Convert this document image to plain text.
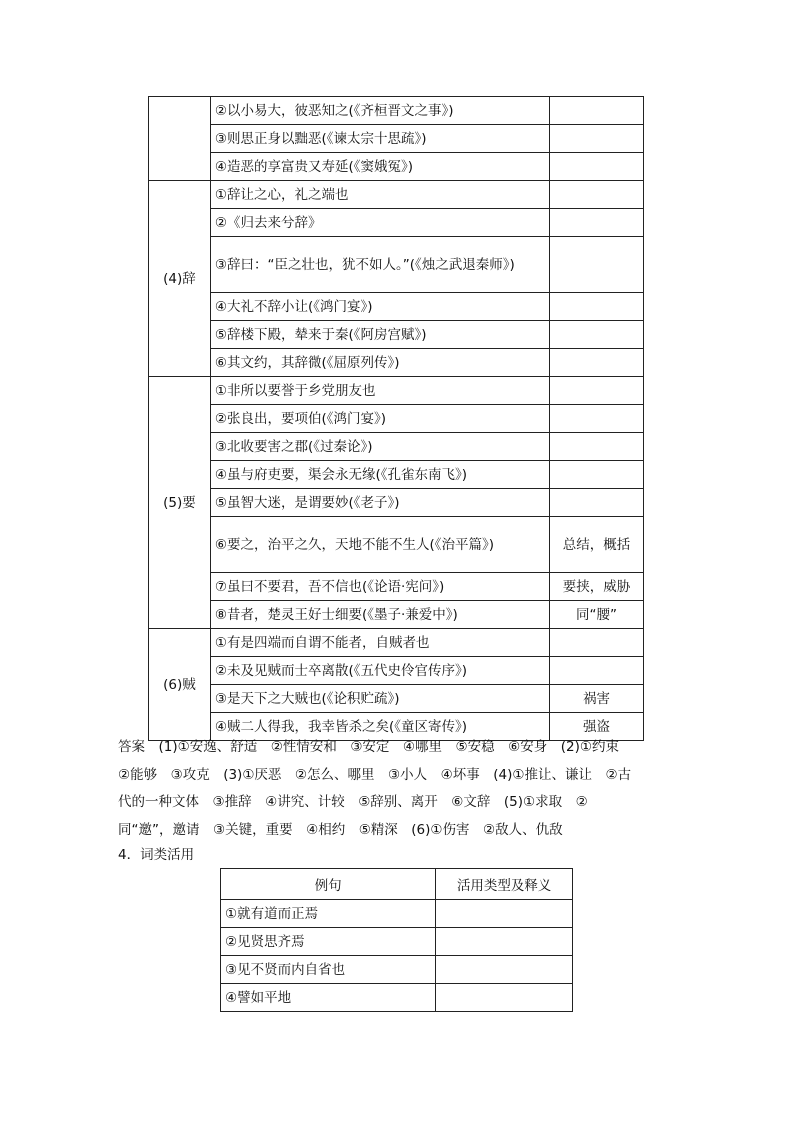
	②以小易大，彼恶知之(《齐桓晋文之事》)	
	③则思正身以黜恶(《谏太宗十思疏》)	
	④造恶的享富贵又寿延(《窦娥冤》)	
(4)辞	①辞让之心，礼之端也	
	②《归去来兮辞》	
	③辞曰：“臣之壮也，犹不如人。”(《烛之武退秦师》)	
	④大礼不辞小让(《鸿门宴》)	
	⑤辞楼下殿，辇来于秦(《阿房宫赋》)	
	⑥其文约，其辞微(《屈原列传》)	
(5)要	①非所以要誉于乡党朋友也	
	②张良出，要项伯(《鸿门宴》)	
	③北收要害之郡(《过秦论》)	
	④虽与府吏要，渠会永无缘(《孔雀东南飞》)	
	⑤虽智大迷，是谓要妙(《老子》)	
	⑥要之，治平之久，天地不能不生人(《治平篇》)	总结，概括
	⑦虽曰不要君，吾不信也(《论语·宪问》)	要挟，威胁
	⑧昔者，楚灵王好士细要(《墨子·兼爱中》)	同“腰”
(6)贼	①有是四端而自谓不能者，自贼者也	
	②未及见贼而士卒离散(《五代史伶官传序》)	
	③是天下之大贼也(《论积贮疏》)	祸害
	④贼二人得我，我幸皆杀之矣(《童区寄传》)	强盗
答案　(1)①安逸、舒适　②性情安和　③安定　④哪里　⑤安稳　⑥安身　(2)①约束　②能够　③攻克　(3)①厌恶　②怎么、哪里　③小人　④坏事　(4)①推让、谦让　②古代的一种文体　③推辞　④讲究、计较　⑤辞别、离开　⑥文辞　(5)①求取　②同“邀”，邀请　③关键，重要　④相约　⑤精深　(6)①伤害　②敌人、仇敌
4．词类活用
例句	活用类型及释义
①就有道而正焉	
②见贤思齐焉	
③见不贤而内自省也	
④譬如平地	
